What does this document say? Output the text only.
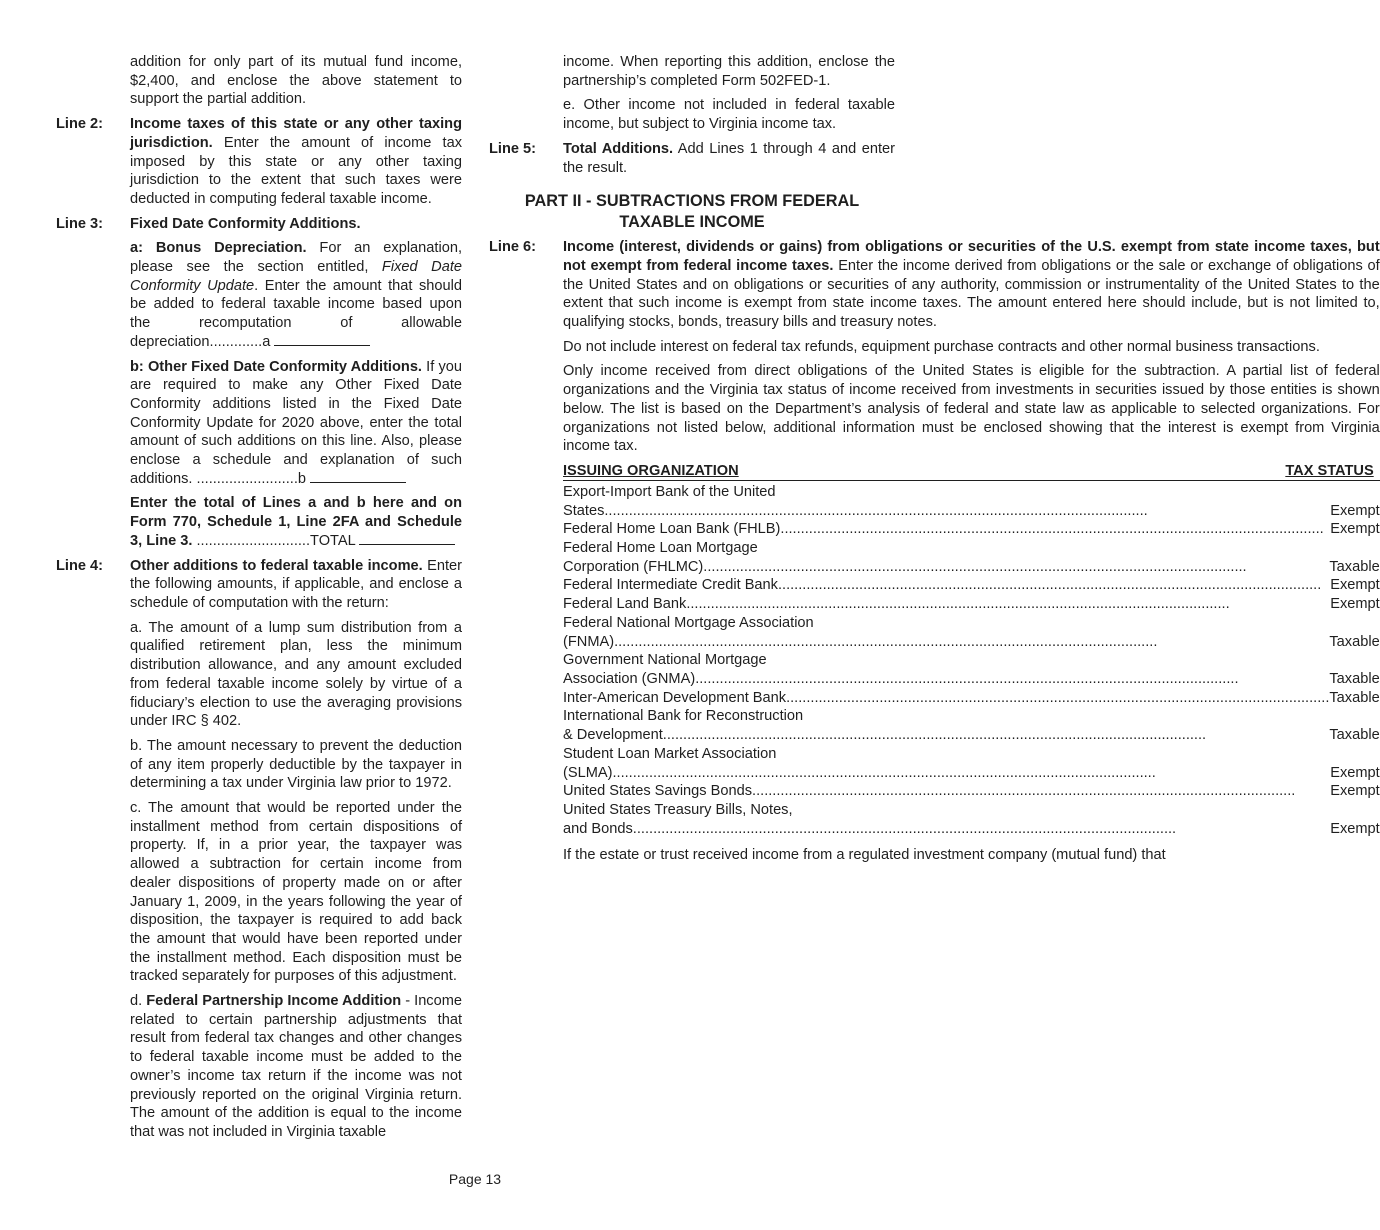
addition for only part of its mutual fund income, $2,400, and enclose the above statement to support the partial addition.

Line 2:	Income taxes of this state or any other taxing jurisdiction. Enter the amount of income tax imposed by this state or any other taxing jurisdiction to the extent that such taxes were deducted in computing federal taxable income.

Line 3:	Fixed Date Conformity Additions.

a: Bonus Depreciation. For an explanation, please see the section entitled, Fixed Date Conformity Update. Enter the amount that should be added to federal taxable income based upon the recomputation of allowable depreciation.............a

b: Other Fixed Date Conformity Additions. If you are required to make any Other Fixed Date Conformity additions listed in the Fixed Date Conformity Update for 2020 above, enter the total amount of such additions on this line. Also, please enclose a schedule and explanation of such additions. .........................b

Enter the total of Lines a and b here and on Form 770, Schedule 1, Line 2FA and Schedule 3, Line 3. ............................TOTAL

Line 4:	Other additions to federal taxable income. Enter the following amounts, if applicable, and enclose a schedule of computation with the return:

a. The amount of a lump sum distribution from a qualified retirement plan, less the minimum distribution allowance, and any amount excluded from federal taxable income solely by virtue of a fiduciary’s election to use the averaging provisions under IRC § 402.

b. The amount necessary to prevent the deduction of any item properly deductible by the taxpayer in determining a tax under Virginia law prior to 1972.

c. The amount that would be reported under the installment method from certain dispositions of property. If, in a prior year, the taxpayer was allowed a subtraction for certain income from dealer dispositions of property made on or after January 1, 2009, in the years following the year of disposition, the taxpayer is required to add back the amount that would have been reported under the installment method. Each disposition must be tracked separately for purposes of this adjustment.

d. Federal Partnership Income Addition - Income related to certain partnership adjustments that result from federal tax changes and other changes to federal taxable income must be added to the owner’s income tax return if the income was not previously reported on the original Virginia return. The amount of the addition is equal to the income that was not included in Virginia taxable

income. When reporting this addition, enclose the partnership’s completed Form 502FED-1.

e. Other income not included in federal taxable income, but subject to Virginia income tax.

Line 5:	Total Additions. Add Lines 1 through 4 and enter the result.

PART II - SUBTRACTIONS FROM FEDERAL
TAXABLE INCOME
Line 6:	Income (interest, dividends or gains) from obligations or securities of the U.S. exempt from state income taxes, but not exempt from federal income taxes. Enter the income derived from obligations or the sale or exchange of obligations of the United States and on obligations or securities of any authority, commission or instrumentality of the United States to the extent that such income is exempt from state income taxes. The amount entered here should include, but is not limited to, qualifying stocks, bonds, treasury bills and treasury notes.

Do not include interest on federal tax refunds, equipment purchase contracts and other normal business transactions.

Only income received from direct obligations of the United States is eligible for the subtraction. A partial list of federal organizations and the Virginia tax status of income received from investments in securities issued by those entities is shown below. The list is based on the Department’s analysis of federal and state law as applicable to selected organizations. For organizations not listed below, additional information must be enclosed showing that the interest is exempt from Virginia income tax.

ISSUING ORGANIZATION	TAX STATUS
Export-Import Bank of the United
States .....	Exempt
Federal Home Loan Bank (FHLB) .....	Exempt
Federal Home Loan Mortgage
Corporation (FHLMC) .....	Taxable
Federal Intermediate Credit Bank .....	Exempt
Federal Land Bank .....	Exempt
Federal National Mortgage Association
(FNMA) .....	Taxable
Government National Mortgage
Association (GNMA) .....	Taxable
Inter-American Development Bank .....	Taxable
International Bank for Reconstruction
& Development .....	Taxable
Student Loan Market Association
(SLMA) .....	Exempt
United States Savings Bonds .....	Exempt
United States Treasury Bills, Notes,
and Bonds .....	Exempt

If the estate or trust received income from a regulated investment company (mutual fund) that

Page 13
